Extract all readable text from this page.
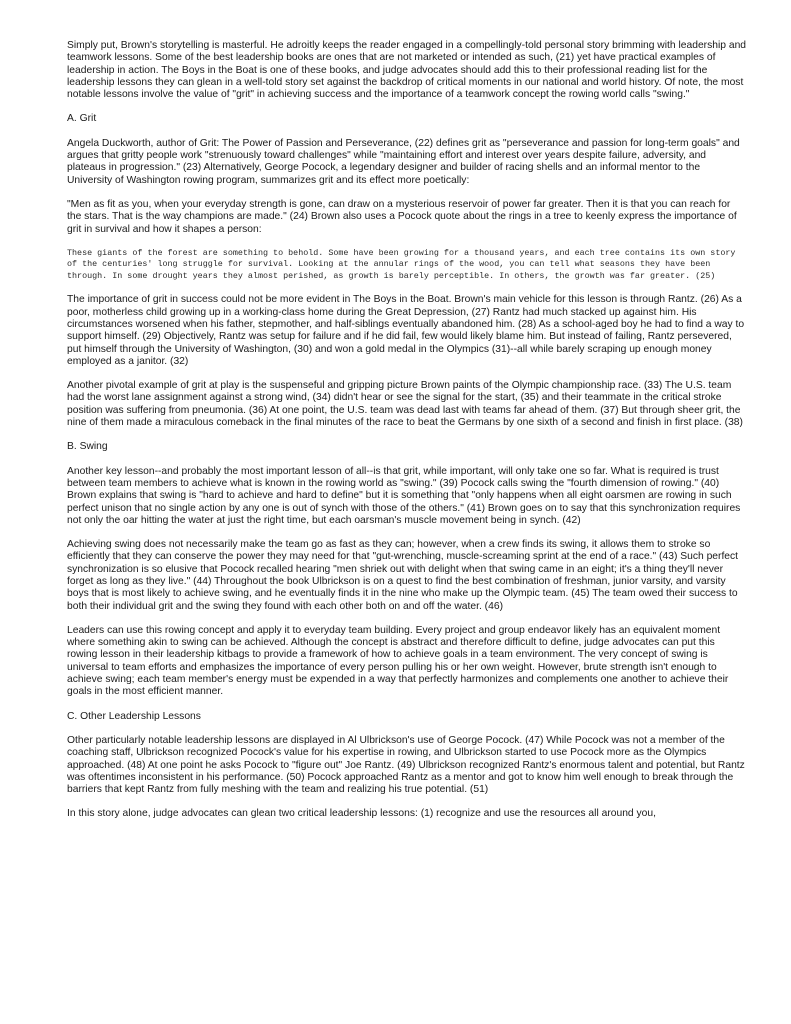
Simply put, Brown's storytelling is masterful. He adroitly keeps the reader engaged in a compellingly-told personal story brimming with leadership and teamwork lessons. Some of the best leadership books are ones that are not marketed or intended as such, (21) yet have practical examples of leadership in action. The Boys in the Boat is one of these books, and judge advocates should add this to their professional reading list for the leadership lessons they can glean in a well-told story set against the backdrop of critical moments in our national and world history. Of note, the most notable lessons involve the value of "grit" in achieving success and the importance of a teamwork concept the rowing world calls "swing."

A. Grit

Angela Duckworth, author of Grit: The Power of Passion and Perseverance, (22) defines grit as "perseverance and passion for long-term goals" and argues that gritty people work "strenuously toward challenges" while "maintaining effort and interest over years despite failure, adversity, and plateaus in progression." (23) Alternatively, George Pocock, a legendary designer and builder of racing shells and an informal mentor to the University of Washington rowing program, summarizes grit and its effect more poetically:

"Men as fit as you, when your everyday strength is gone, can draw on a mysterious reservoir of power far greater. Then it is that you can reach for the stars. That is the way champions are made." (24) Brown also uses a Pocock quote about the rings in a tree to keenly express the importance of grit in survival and how it shapes a person:

These giants of the forest are something to behold. Some have been growing for a thousand years, and each tree contains its own story of the centuries' long struggle for survival. Looking at the annular rings of the wood, you can tell what seasons they have been through. In some drought years they almost perished, as growth is barely perceptible. In others, the growth was far greater. (25)

The importance of grit in success could not be more evident in The Boys in the Boat. Brown's main vehicle for this lesson is through Rantz. (26) As a poor, motherless child growing up in a working-class home during the Great Depression, (27) Rantz had much stacked up against him. His circumstances worsened when his father, stepmother, and half-siblings eventually abandoned him. (28) As a school-aged boy he had to find a way to support himself. (29) Objectively, Rantz was setup for failure and if he did fail, few would likely blame him. But instead of failing, Rantz persevered, put himself through the University of Washington, (30) and won a gold medal in the Olympics (31)--all while barely scraping up enough money employed as a janitor. (32)

Another pivotal example of grit at play is the suspenseful and gripping picture Brown paints of the Olympic championship race. (33) The U.S. team had the worst lane assignment against a strong wind, (34) didn't hear or see the signal for the start, (35) and their teammate in the critical stroke position was suffering from pneumonia. (36) At one point, the U.S. team was dead last with teams far ahead of them. (37) But through sheer grit, the nine of them made a miraculous comeback in the final minutes of the race to beat the Germans by one sixth of a second and finish in first place. (38)

B. Swing

Another key lesson--and probably the most important lesson of all--is that grit, while important, will only take one so far. What is required is trust between team members to achieve what is known in the rowing world as "swing." (39) Pocock calls swing the "fourth dimension of rowing." (40) Brown explains that swing is "hard to achieve and hard to define" but it is something that "only happens when all eight oarsmen are rowing in such perfect unison that no single action by any one is out of synch with those of the others." (41) Brown goes on to say that this synchronization requires not only the oar hitting the water at just the right time, but each oarsman's muscle movement being in synch. (42)

Achieving swing does not necessarily make the team go as fast as they can; however, when a crew finds its swing, it allows them to stroke so efficiently that they can conserve the power they may need for that "gut-wrenching, muscle-screaming sprint at the end of a race." (43) Such perfect synchronization is so elusive that Pocock recalled hearing "men shriek out with delight when that swing came in an eight; it's a thing they'll never forget as long as they live." (44) Throughout the book Ulbrickson is on a quest to find the best combination of freshman, junior varsity, and varsity boys that is most likely to achieve swing, and he eventually finds it in the nine who make up the Olympic team. (45) The team owed their success to both their individual grit and the swing they found with each other both on and off the water. (46)

Leaders can use this rowing concept and apply it to everyday team building. Every project and group endeavor likely has an equivalent moment where something akin to swing can be achieved. Although the concept is abstract and therefore difficult to define, judge advocates can put this rowing lesson in their leadership kitbags to provide a framework of how to achieve goals in a team environment. The very concept of swing is universal to team efforts and emphasizes the importance of every person pulling his or her own weight. However, brute strength isn't enough to achieve swing; each team member's energy must be expended in a way that perfectly harmonizes and complements one another to achieve their goals in the most efficient manner.

C. Other Leadership Lessons

Other particularly notable leadership lessons are displayed in Al Ulbrickson's use of George Pocock. (47) While Pocock was not a member of the coaching staff, Ulbrickson recognized Pocock's value for his expertise in rowing, and Ulbrickson started to use Pocock more as the Olympics approached. (48) At one point he asks Pocock to "figure out" Joe Rantz. (49) Ulbrickson recognized Rantz's enormous talent and potential, but Rantz was oftentimes inconsistent in his performance. (50) Pocock approached Rantz as a mentor and got to know him well enough to break through the barriers that kept Rantz from fully meshing with the team and realizing his true potential. (51)

In this story alone, judge advocates can glean two critical leadership lessons: (1) recognize and use the resources all around you,
